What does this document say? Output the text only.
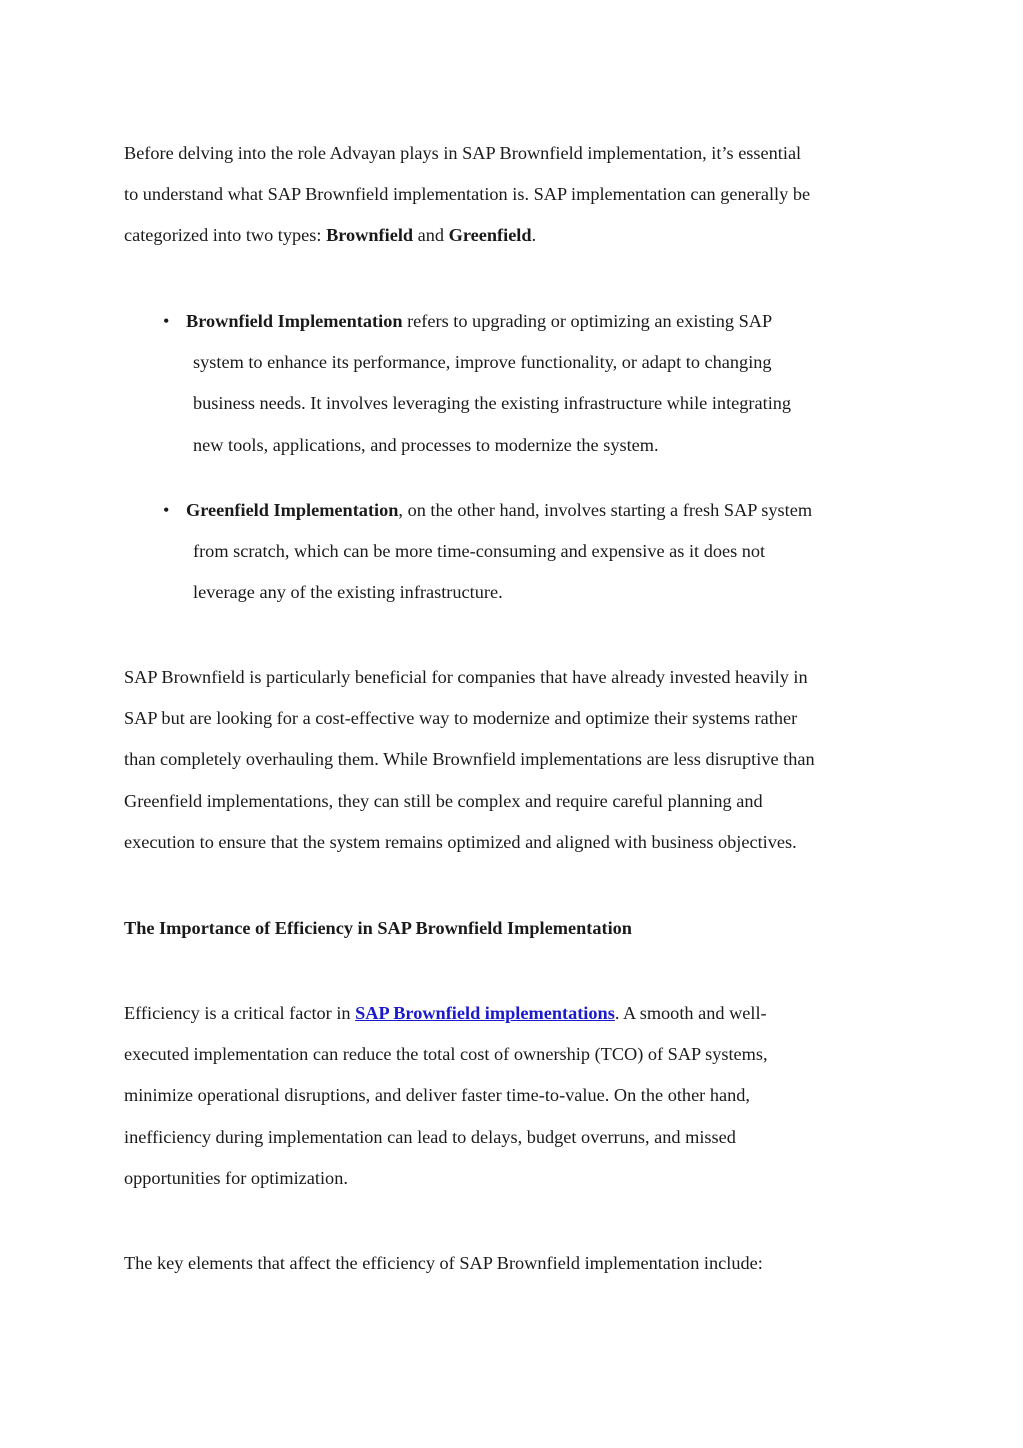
Before delving into the role Advayan plays in SAP Brownfield implementation, it’s essential
to understand what SAP Brownfield implementation is. SAP implementation can generally be
categorized into two types: Brownfield and Greenfield.
• Brownfield Implementation refers to upgrading or optimizing an existing SAP
system to enhance its performance, improve functionality, or adapt to changing
business needs. It involves leveraging the existing infrastructure while integrating
new tools, applications, and processes to modernize the system.
• Greenfield Implementation, on the other hand, involves starting a fresh SAP system
from scratch, which can be more time-consuming and expensive as it does not
leverage any of the existing infrastructure.
SAP Brownfield is particularly beneficial for companies that have already invested heavily in
SAP but are looking for a cost-effective way to modernize and optimize their systems rather
than completely overhauling them. While Brownfield implementations are less disruptive than
Greenfield implementations, they can still be complex and require careful planning and
execution to ensure that the system remains optimized and aligned with business objectives.
The Importance of Efficiency in SAP Brownfield Implementation
Efficiency is a critical factor in SAP Brownfield implementations. A smooth and well-
executed implementation can reduce the total cost of ownership (TCO) of SAP systems,
minimize operational disruptions, and deliver faster time-to-value. On the other hand,
inefficiency during implementation can lead to delays, budget overruns, and missed
opportunities for optimization.
The key elements that affect the efficiency of SAP Brownfield implementation include:
